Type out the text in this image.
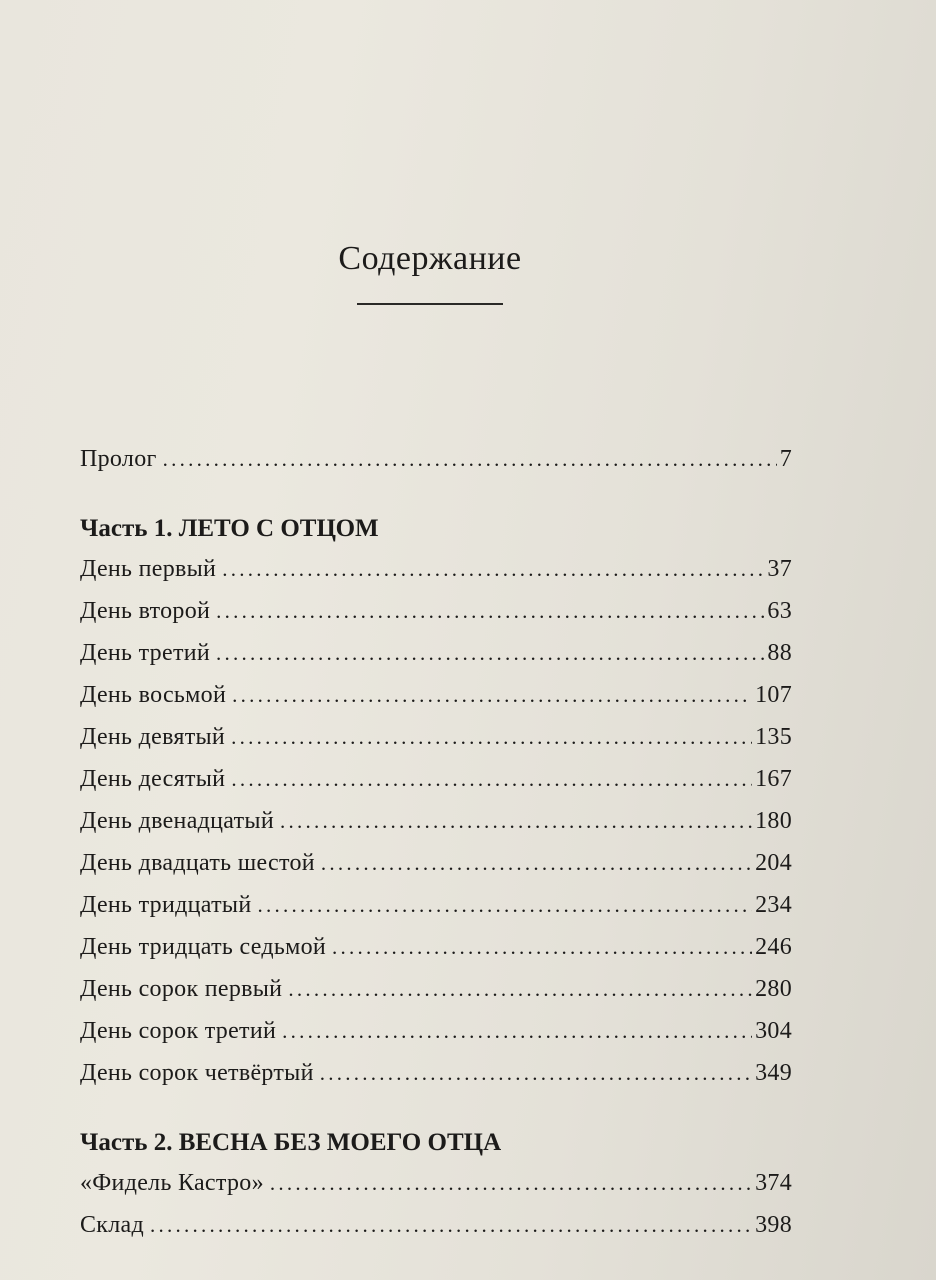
Содержание
Пролог . . .	7
Часть 1. ЛЕТО С ОТЦОМ
День первый . . .	37
День второй . . .	63
День третий . . .	88
День восьмой . . .	107
День девятый . . .	135
День десятый . . .	167
День двенадцатый . . .	180
День двадцать шестой . . .	204
День тридцатый . . .	234
День тридцать седьмой . . .	246
День сорок первый . . .	280
День сорок третий . . .	304
День сорок четвёртый . . .	349
Часть 2. ВЕСНА БЕЗ МОЕГО ОТЦА
«Фидель Кастро» . . .	374
Склад . . .	398
